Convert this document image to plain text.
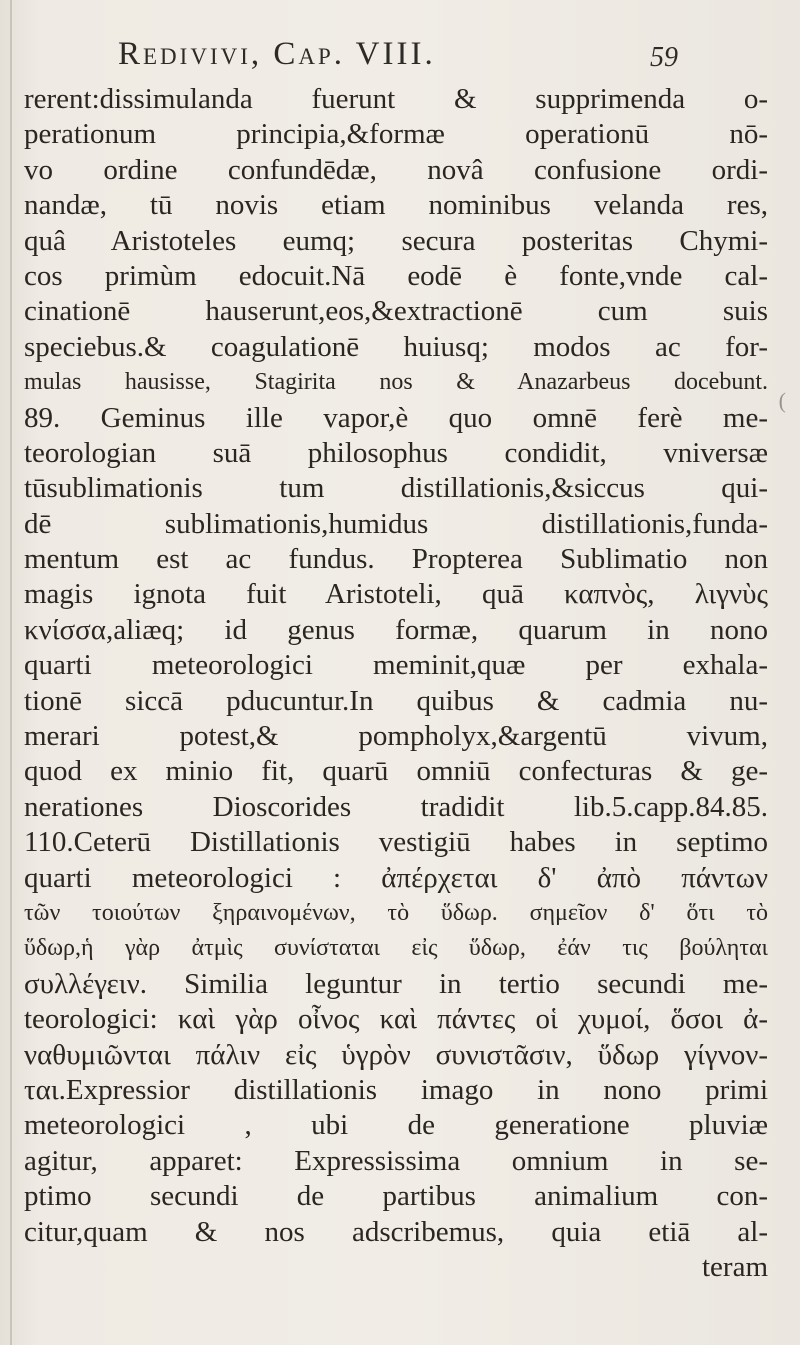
Redivivi, Cap. VIII.	59
(
rerent:dissimulanda fuerunt & supprimenda o-
perationum principia,&formæ operationū nō-
vo ordine confundēdæ, novâ confusione ordi-
nandæ, tū novis etiam nominibus velanda res,
quâ Aristoteles eumq; secura posteritas Chymi-
cos primùm edocuit.Nā eodē è fonte,vnde cal-
cinationē hauserunt,eos,&extractionē cum suis
speciebus.& coagulationē huiusq; modos ac for-
mulas hausisse, Stagirita nos & Anazarbeus docebunt.
89. Geminus ille vapor,è quo omnē ferè me-
teorologian suā philosophus condidit, vniversæ
tūsublimationis tum distillationis,&siccus qui-
dē sublimationis,humidus distillationis,funda-
mentum est ac fundus. Propterea Sublimatio non
magis ignota fuit Aristoteli, quā καπνὸς, λιγνὺς
κνίσσα,aliæq; id genus formæ, quarum in nono
quarti meteorologici meminit,quæ per exhala-
tionē siccā pducuntur.In quibus & cadmia nu-
merari potest,& pompholyx,&argentū vivum,
quod ex minio fit, quarū omniū confecturas & ge-
nerationes Dioscorides tradidit lib.5.capp.84.85.
110.Ceterū Distillationis vestigiū habes in septimo
quarti meteorologici : ἀπέρχεται δ' ἀπὸ πάντων
τῶν τοιούτων ξηραινομένων, τὸ ὕδωρ. σημεῖον δ' ὅτι τὸ
ὕδωρ,ἡ γὰρ ἀτμὶς συνίσταται εἰς ὕδωρ, ἐάν τις βούληται
συλλέγειν. Similia leguntur in tertio secundi me-
teorologici: καὶ γὰρ οἶνος καὶ πάντες οἱ χυμοί, ὅσοι ἀ-
ναθυμιῶνται πάλιν εἰς ὑγρὸν συνιστᾶσιν, ὕδωρ γίγνον-
ται.Expressior distillationis imago in nono primi
meteorologici , ubi de generatione pluviæ
agitur, apparet: Expressissima omnium in se-
ptimo secundi de partibus animalium con-
citur,quam & nos adscribemus, quia etiā al-
teram
